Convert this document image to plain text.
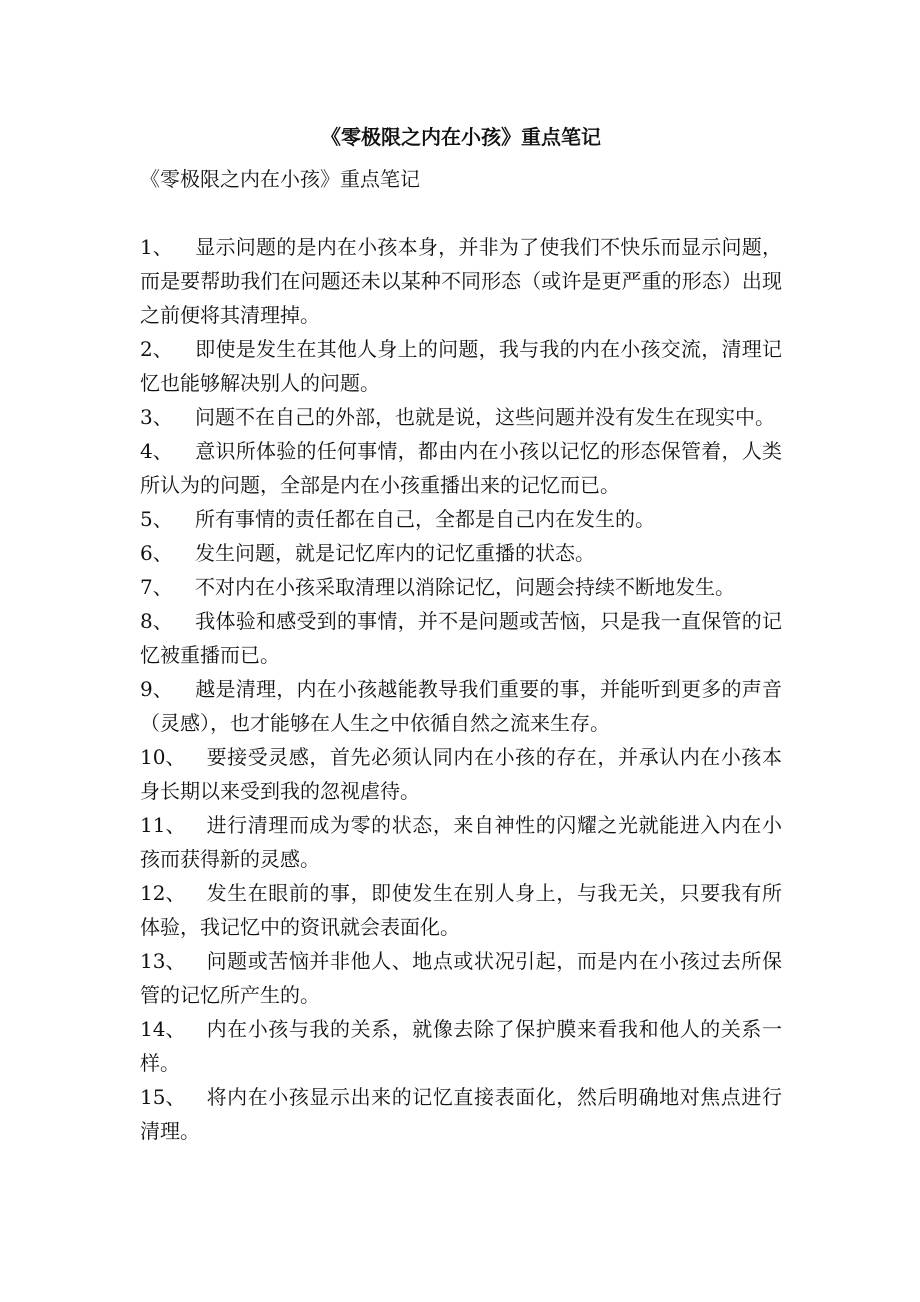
《零极限之内在小孩》重点笔记

《零极限之内在小孩》重点笔记

1、 显示问题的是内在小孩本身，并非为了使我们不快乐而显示问题，而是要帮助我们在问题还未以某种不同形态（或许是更严重的形态）出现之前便将其清理掉。

2、 即使是发生在其他人身上的问题，我与我的内在小孩交流，清理记忆也能够解决别人的问题。

3、 问题不在自己的外部，也就是说，这些问题并没有发生在现实中。

4、 意识所体验的任何事情，都由内在小孩以记忆的形态保管着，人类所认为的问题，全部是内在小孩重播出来的记忆而已。

5、 所有事情的责任都在自己，全都是自己内在发生的。

6、 发生问题，就是记忆库内的记忆重播的状态。

7、 不对内在小孩采取清理以消除记忆，问题会持续不断地发生。

8、 我体验和感受到的事情，并不是问题或苦恼，只是我一直保管的记忆被重播而已。

9、 越是清理，内在小孩越能教导我们重要的事，并能听到更多的声音（灵感），也才能够在人生之中依循自然之流来生存。

10、 要接受灵感，首先必须认同内在小孩的存在，并承认内在小孩本身长期以来受到我的忽视虐待。

11、 进行清理而成为零的状态，来自神性的闪耀之光就能进入内在小孩而获得新的灵感。

12、 发生在眼前的事，即使发生在别人身上，与我无关，只要我有所体验，我记忆中的资讯就会表面化。

13、 问题或苦恼并非他人、地点或状况引起，而是内在小孩过去所保管的记忆所产生的。

14、 内在小孩与我的关系，就像去除了保护膜来看我和他人的关系一样。

15、 将内在小孩显示出来的记忆直接表面化，然后明确地对焦点进行清理。
